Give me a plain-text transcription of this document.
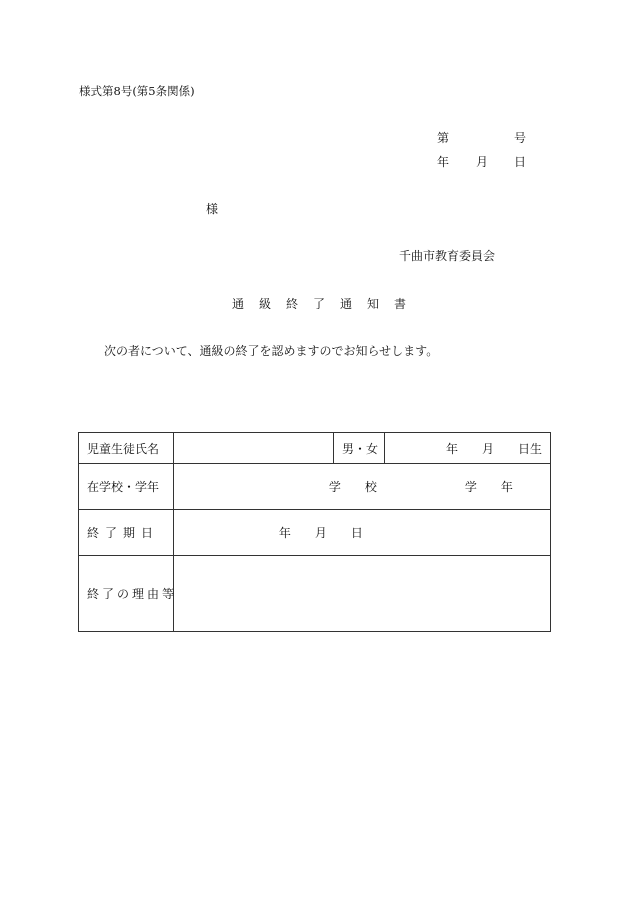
様式第8号(第5条関係)
第	号
年 月 日
様
千曲市教育委員会
通級終了通知書
次の者について、通級の終了を認めますのでお知らせします。
児童生徒氏名		男・女	年　　月　　日生
在学校・学年	学　　校 学　　年		

終了期日	年　　月　　日		

終了の理由等			
